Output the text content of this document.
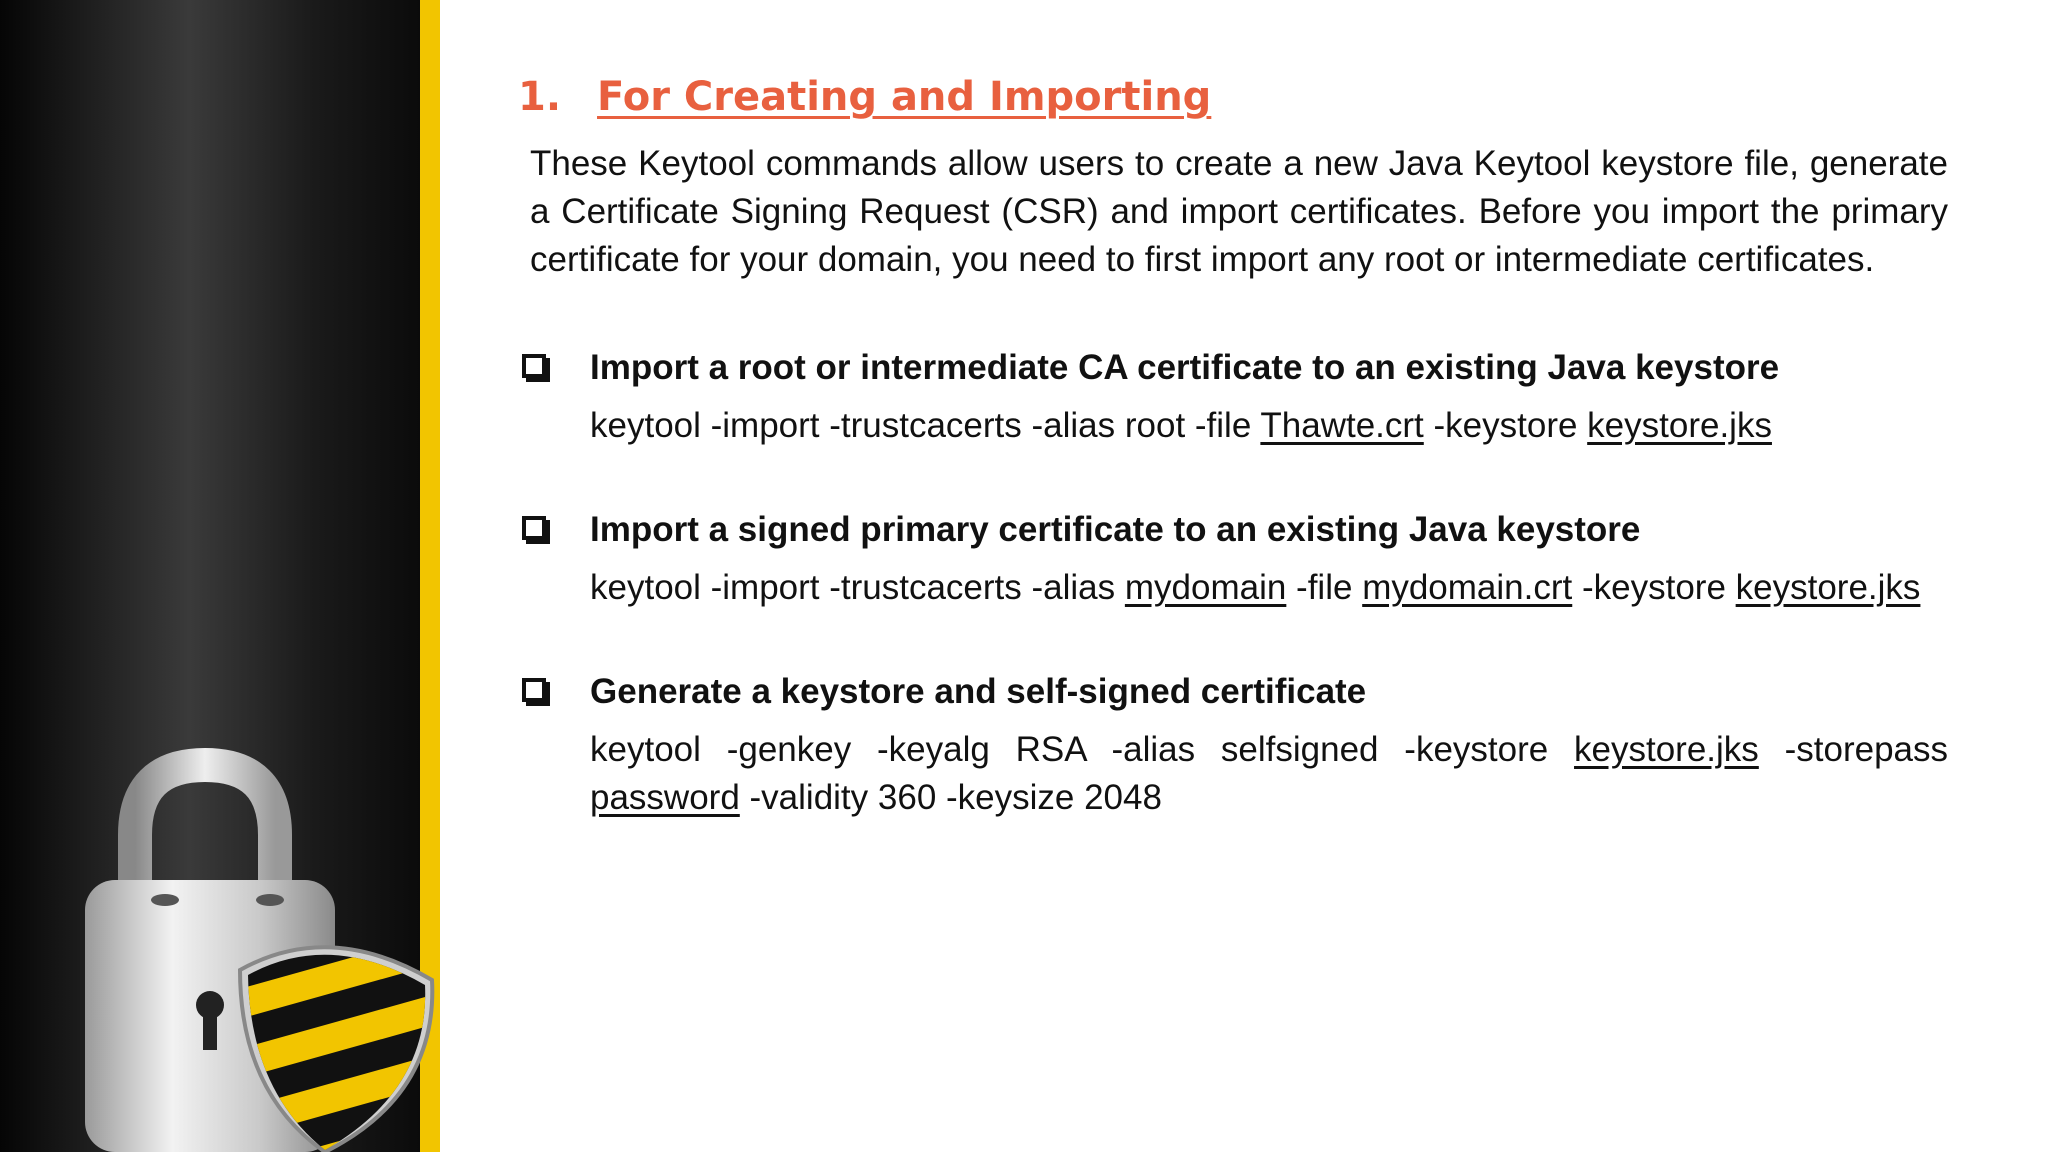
1. For Creating and Importing
These Keytool commands allow users to create a new Java Keytool keystore file, generate a Certificate Signing Request (CSR) and import certificates. Before you import the primary certificate for your domain, you need to first import any root or intermediate certificates.
Import a root or intermediate CA certificate to an existing Java keystore
keytool -import -trustcacerts -alias root -file Thawte.crt -keystore keystore.jks
Import a signed primary certificate to an existing Java keystore
keytool -import -trustcacerts -alias mydomain -file mydomain.crt -keystore keystore.jks
Generate a keystore and self-signed certificate
keytool -genkey -keyalg RSA -alias selfsigned -keystore keystore.jks -storepass password -validity 360 -keysize 2048
